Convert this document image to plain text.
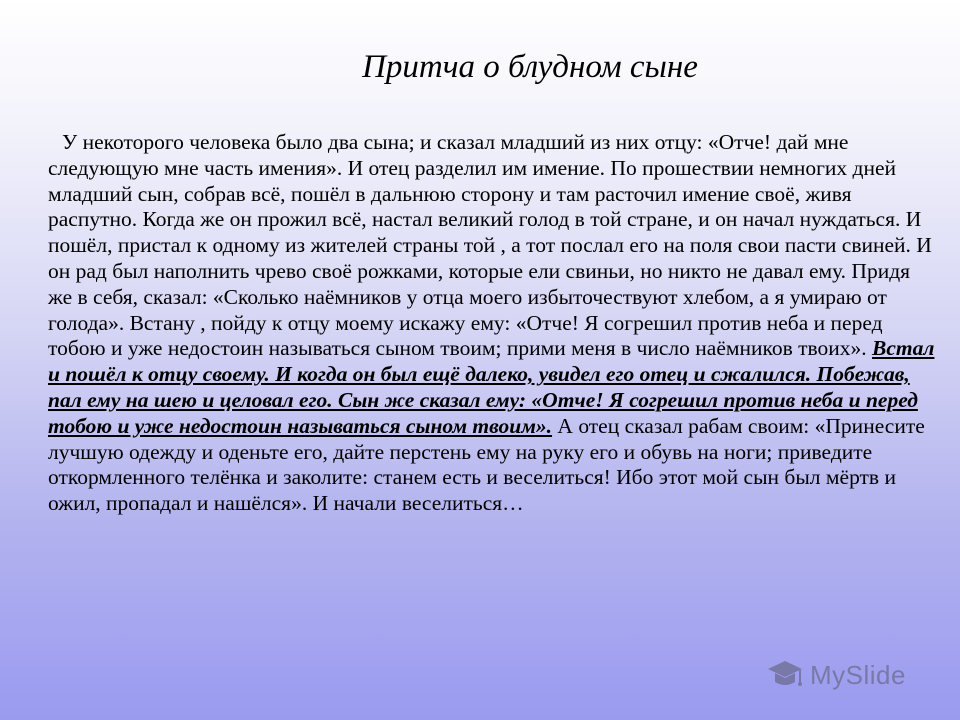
Притча о блудном сыне

У некоторого человека было два сына; и сказал младший из них отцу: «Отче! дай мне следующую мне часть имения». И отец разделил им имение. По прошествии немногих дней младший сын, собрав всё, пошёл в дальнюю сторону и там расточил имение своё, живя распутно. Когда же он прожил всё, настал великий голод в той стране, и он начал нуждаться. И пошёл, пристал к одному из жителей страны той , а тот послал его на поля свои пасти свиней. И он рад был наполнить чрево своё рожками, которые ели свиньи, но никто не давал ему. Придя же в себя, сказал: «Сколько наёмников у отца моего избыточествуют хлебом, а я умираю от голода». Встану , пойду к отцу моему искажу ему: «Отче! Я согрешил против неба и перед тобою и уже недостоин называться сыном твоим; прими меня в число наёмников твоих». Встал и пошёл к отцу своему. И когда он был ещё далеко, увидел его отец и сжалился. Побежав, пал ему на шею и целовал его. Сын же сказал ему: «Отче! Я согрешил против неба и перед тобою и уже недостоин называться сыном твоим». А отец сказал рабам своим: «Принесите лучшую одежду и оденьте его, дайте перстень ему на руку его и обувь на ноги; приведите откормленного телёнка и заколите: станем есть и веселиться! Ибо этот мой сын был мёртв и ожил, пропадал и нашёлся». И начали веселиться…

MySlide
